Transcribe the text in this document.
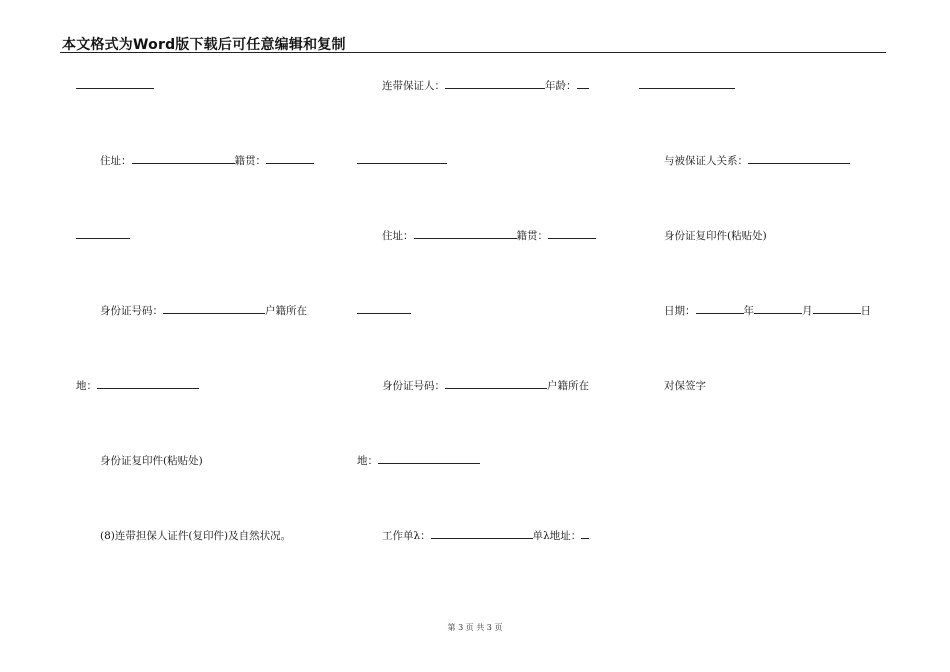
本文格式为Word版下载后可任意编辑和复制
连带保证人：	年龄：
住址：	籍贯：	与被保证人关系：
住址：	籍贯：	身份证复印件(粘贴处)
身份证号码：	户籍所在	日期：	年	月	日
地：	身份证号码：	户籍所在	对保签字
身份证复印件(粘贴处)	地：
(8)连带担保人证件(复印件)及自然状况。	工作单λ：	单λ地址：
第 3 页 共 3 页
